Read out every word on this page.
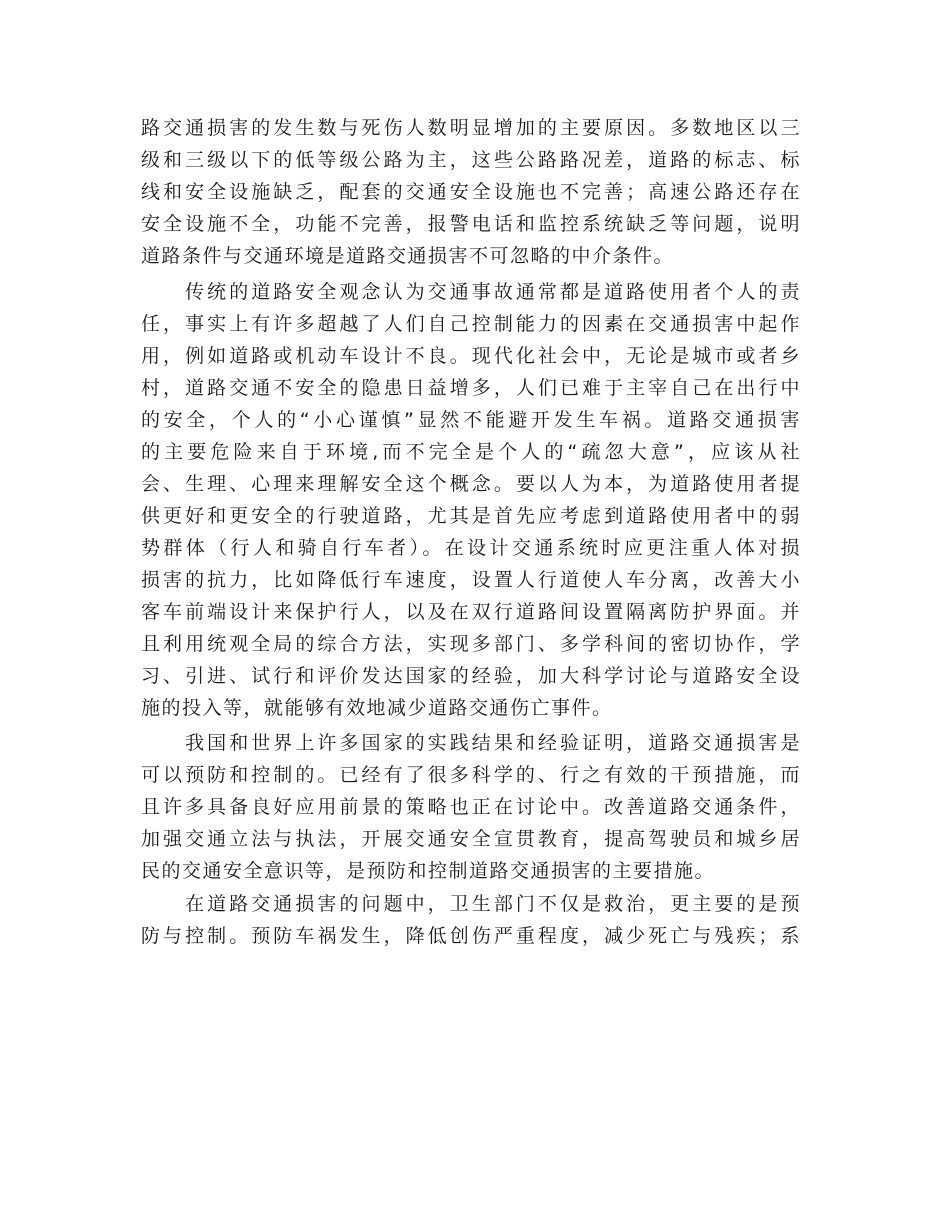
路交通损害的发生数与死伤人数明显增加的主要原因。多数地区以三
级和三级以下的低等级公路为主，这些公路路况差，道路的标志、标
线和安全设施缺乏，配套的交通安全设施也不完善；高速公路还存在
安全设施不全，功能不完善，报警电话和监控系统缺乏等问题，说明
道路条件与交通环境是道路交通损害不可忽略的中介条件。
　　传统的道路安全观念认为交通事故通常都是道路使用者个人的责
任，事实上有许多超越了人们自己控制能力的因素在交通损害中起作
用，例如道路或机动车设计不良。现代化社会中，无论是城市或者乡
村，道路交通不安全的隐患日益增多，人们已难于主宰自己在出行中
的安全，个人的“小心谨慎”显然不能避开发生车祸。道路交通损害
的主要危险来自于环境,而不完全是个人的“疏忽大意”，应该从社
会、生理、心理来理解安全这个概念。要以人为本，为道路使用者提
供更好和更安全的行驶道路，尤其是首先应考虑到道路使用者中的弱
势群体（行人和骑自行车者）。在设计交通系统时应更注重人体对损
损害的抗力，比如降低行车速度，设置人行道使人车分离，改善大小
客车前端设计来保护行人，以及在双行道路间设置隔离防护界面。并
且利用统观全局的综合方法，实现多部门、多学科间的密切协作，学
习、引进、试行和评价发达国家的经验，加大科学讨论与道路安全设
施的投入等，就能够有效地减少道路交通伤亡事件。
　　我国和世界上许多国家的实践结果和经验证明，道路交通损害是
可以预防和控制的。已经有了很多科学的、行之有效的干预措施，而
且许多具备良好应用前景的策略也正在讨论中。改善道路交通条件，
加强交通立法与执法，开展交通安全宣贯教育，提高驾驶员和城乡居
民的交通安全意识等，是预防和控制道路交通损害的主要措施。
　　在道路交通损害的问题中，卫生部门不仅是救治，更主要的是预
防与控制。预防车祸发生，降低创伤严重程度，减少死亡与残疾；系
